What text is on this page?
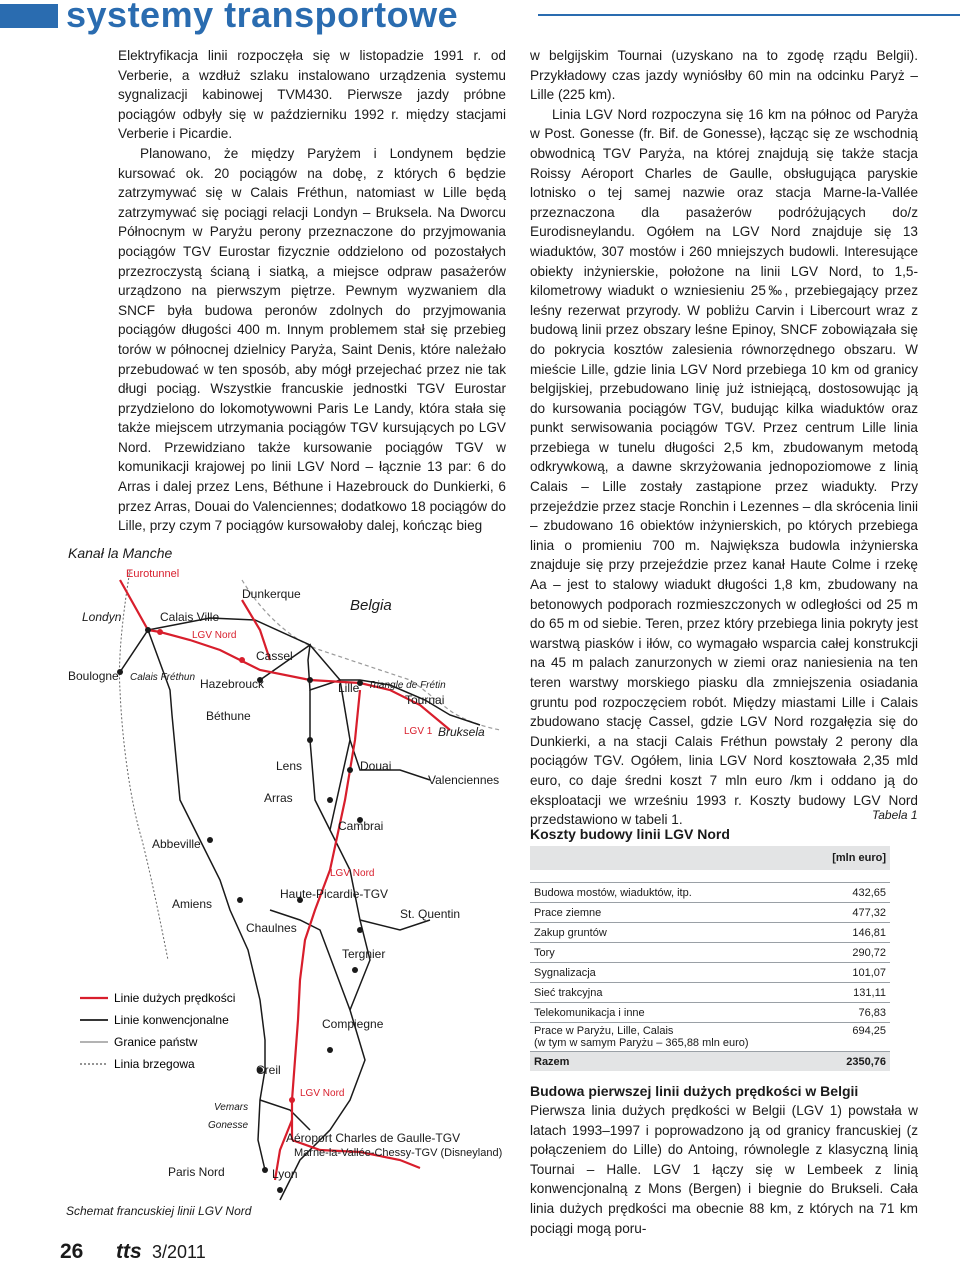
systemy transportowe

Elektryfikacja linii rozpoczęła się w listopadzie 1991 r. od Verberie, a wzdłuż szlaku instalowano urządzenia systemu sygnalizacji kabinowej TVM430. Pierwsze jazdy próbne pociągów odbyły się w październiku 1992 r. między stacjami Verberie i Picardie.

Planowano, że między Paryżem i Londynem będzie kursować ok. 20 pociągów na dobę, z których 6 będzie zatrzymywać się w Calais Fréthun, natomiast w Lille będą zatrzymywać się pociągi relacji Londyn – Bruksela. Na Dworcu Północnym w Paryżu perony przeznaczone do przyjmowania pociągów TGV Eurostar fizycznie oddzielono od pozostałych przezroczystą ścianą i siatką, a miejsce odpraw pasażerów urządzono na pierwszym piętrze. Pewnym wyzwaniem dla SNCF była budowa peronów zdolnych do przyjmowania pociągów długości 400 m. Innym problemem stał się przebieg torów w północnej dzielnicy Paryża, Saint Denis, które należało przebudować w ten sposób, aby mógł przejechać przez nie tak długi pociąg. Wszystkie francuskie jednostki TGV Eurostar przydzielono do lokomotywowni Paris Le Landy, która stała się także miejscem utrzymania pociągów TGV kursujących po LGV Nord. Przewidziano także kursowanie pociągów TGV w komunikacji krajowej po linii LGV Nord – łącznie 13 par: 6 do Arras i dalej przez Lens, Béthune i Hazebrouck do Dunkierki, 6 przez Arras, Douai do Valenciennes; dodatkowo 18 pociągów do Lille, przy czym 7 pociągów kursowałoby dalej, kończąc bieg

w belgijskim Tournai (uzyskano na to zgodę rządu Belgii). Przykładowy czas jazdy wyniósłby 60 min na odcinku Paryż – Lille (225 km).

Linia LGV Nord rozpoczyna się 16 km na północ od Paryża w Post. Gonesse (fr. Bif. de Gonesse), łącząc się ze wschodnią obwodnicą TGV Paryża, na której znajdują się także stacja Roissy Aéroport Charles de Gaulle, obsługująca paryskie lotnisko o tej samej nazwie oraz stacja Marne-la-Vallée przeznaczona dla pasażerów podróżujących do/z Eurodisneylandu. Ogółem na LGV Nord znajduje się 13 wiaduktów, 307 mostów i 260 mniejszych budowli. Interesujące obiekty inżynierskie, położone na linii LGV Nord, to 1,5-kilometrowy wiadukt o wzniesieniu 25‰, przebiegający przez leśny rezerwat przyrody. W pobliżu Carvin i Libercourt wraz z budową linii przez obszary leśne Epinoy, SNCF zobowiązała się do pokrycia kosztów zalesienia równorzędnego obszaru. W mieście Lille, gdzie linia LGV Nord przebiega 10 km od granicy belgijskiej, przebudowano linię już istniejącą, dostosowując ją do kursowania pociągów TGV, budując kilka wiaduktów oraz punkt serwisowania pociągów TGV. Przez centrum Lille linia przebiega w tunelu długości 2,5 km, zbudowanym metodą odkrywkową, a dawne skrzyżowania jednopoziomowe z linią Calais – Lille zostały zastąpione przez wiadukty. Przy przejeździe przez stacje Ronchin i Lezennes – dla skrócenia linii – zbudowano 16 obiektów inżynierskich, po których przebiega linia o promieniu 700 m. Największa budowla inżynierska znajduje się przy przejeździe przez kanał Haute Colme i rzekę Aa – jest to stalowy wiadukt długości 1,8 km, zbudowany na betonowych podporach rozmieszczonych w odległości od 25 m do 65 m od siebie. Teren, przez który przebiega linia pokryty jest warstwą piasków i iłów, co wymagało wsparcia całej konstrukcji na 45 m palach zanurzonych w ziemi oraz naniesienia na ten teren warstwy morskiego piasku dla zmniejszenia osiadania gruntu pod rozpoczęciem robót. Między miastami Lille i Calais zbudowano stację Cassel, gdzie LGV Nord rozgałęzia się do Dunkierki, a na stacji Calais Fréthun powstały 2 perony dla pociągów TGV. Ogółem, linia LGV Nord kosztowała 2,35 mld euro, co daje średni koszt 7 mln euro /km i oddano ją do eksploatacji we wrześniu 1993 r. Koszty budowy LGV Nord przedstawiono w tabeli 1.

Kanał la Manche
Eurotunnel
Londyn
Boulogne
Calais Ville
Calais Fréthun
LGV Nord
Dunkerque
Cassel
Hazebrouck
Béthune
Belgia
Lille Triangle de Frétin
Tournai
LGV 1 Bruksela
Lens	Douai
Arras
Valenciennes
Cambrai
Abbeville
LGV Nord
Haute-Picardie-TGV
Amiens
Chaulnes
St. Quentin
Tergnier
Compiegne
Creil
LGV Nord
Vemars
Gonesse
Aéroport Charles de Gaulle-TGV
Marne-la-Vallée-Chessy-TGV (Disneyland)
Paris Nord	Lyon
Linie dużych prędkości
Linie konwencjonalne
Granice państw
Linia brzegowa
Schemat francuskiej linii LGV Nord
Tabela 1
Koszty budowy linii LGV Nord
	[mln euro]

Budowa mostów, wiaduktów, itp.	432,65
Prace ziemne	477,32
Zakup gruntów	146,81
Tory	290,72
Sygnalizacja	101,07
Sieć trakcyjna	131,11
Telekomunikacja i inne	76,83
Prace w Paryżu, Lille, Calais
(w tym w samym Paryżu – 365,88 mln euro)	694,25
Razem	2350,76
Budowa pierwszej linii dużych prędkości w Belgii
Pierwsza linia dużych prędkości w Belgii (LGV 1) powstała w latach 1993–1997 i poprowadzono ją od granicy francuskiej (z połączeniem do Lille) do Antoing, równolegle z klasyczną linią Tournai – Halle. LGV 1 łączy się w Lembeek z linią konwencjonalną z Mons (Bergen) i biegnie do Brukseli. Cała linia dużych prędkości ma obecnie 88 km, z których na 71 km pociągi mogą poru-
26 tts 3/2011
